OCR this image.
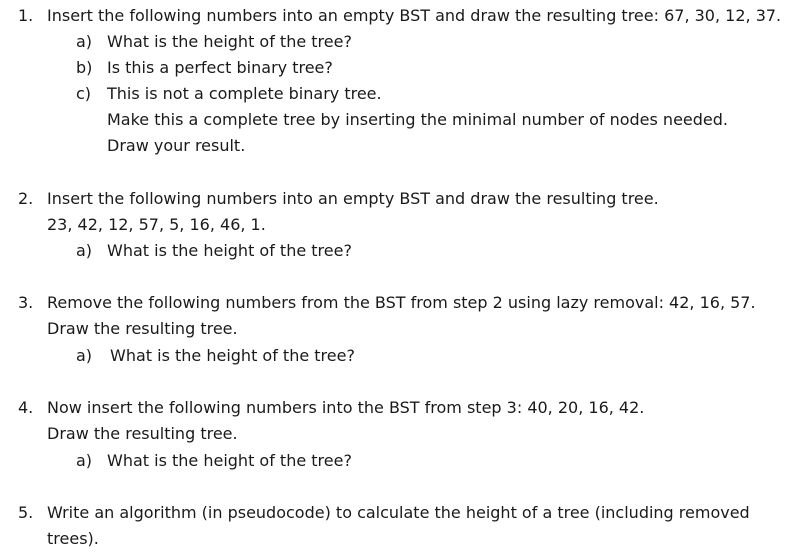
1. Insert the following numbers into an empty BST and draw the resulting tree: 67, 30, 12, 37.
a) What is the height of the tree?
b) Is this a perfect binary tree?
c) This is not a complete binary tree.
Make this a complete tree by inserting the minimal number of nodes needed.
Draw your result.
2. Insert the following numbers into an empty BST and draw the resulting tree.
23, 42, 12, 57, 5, 16, 46, 1.
a) What is the height of the tree?
3. Remove the following numbers from the BST from step 2 using lazy removal: 42, 16, 57.
Draw the resulting tree.
a) What is the height of the tree?
4. Now insert the following numbers into the BST from step 3: 40, 20, 16, 42.
Draw the resulting tree.
a) What is the height of the tree?
5. Write an algorithm (in pseudocode) to calculate the height of a tree (including removed
trees).
